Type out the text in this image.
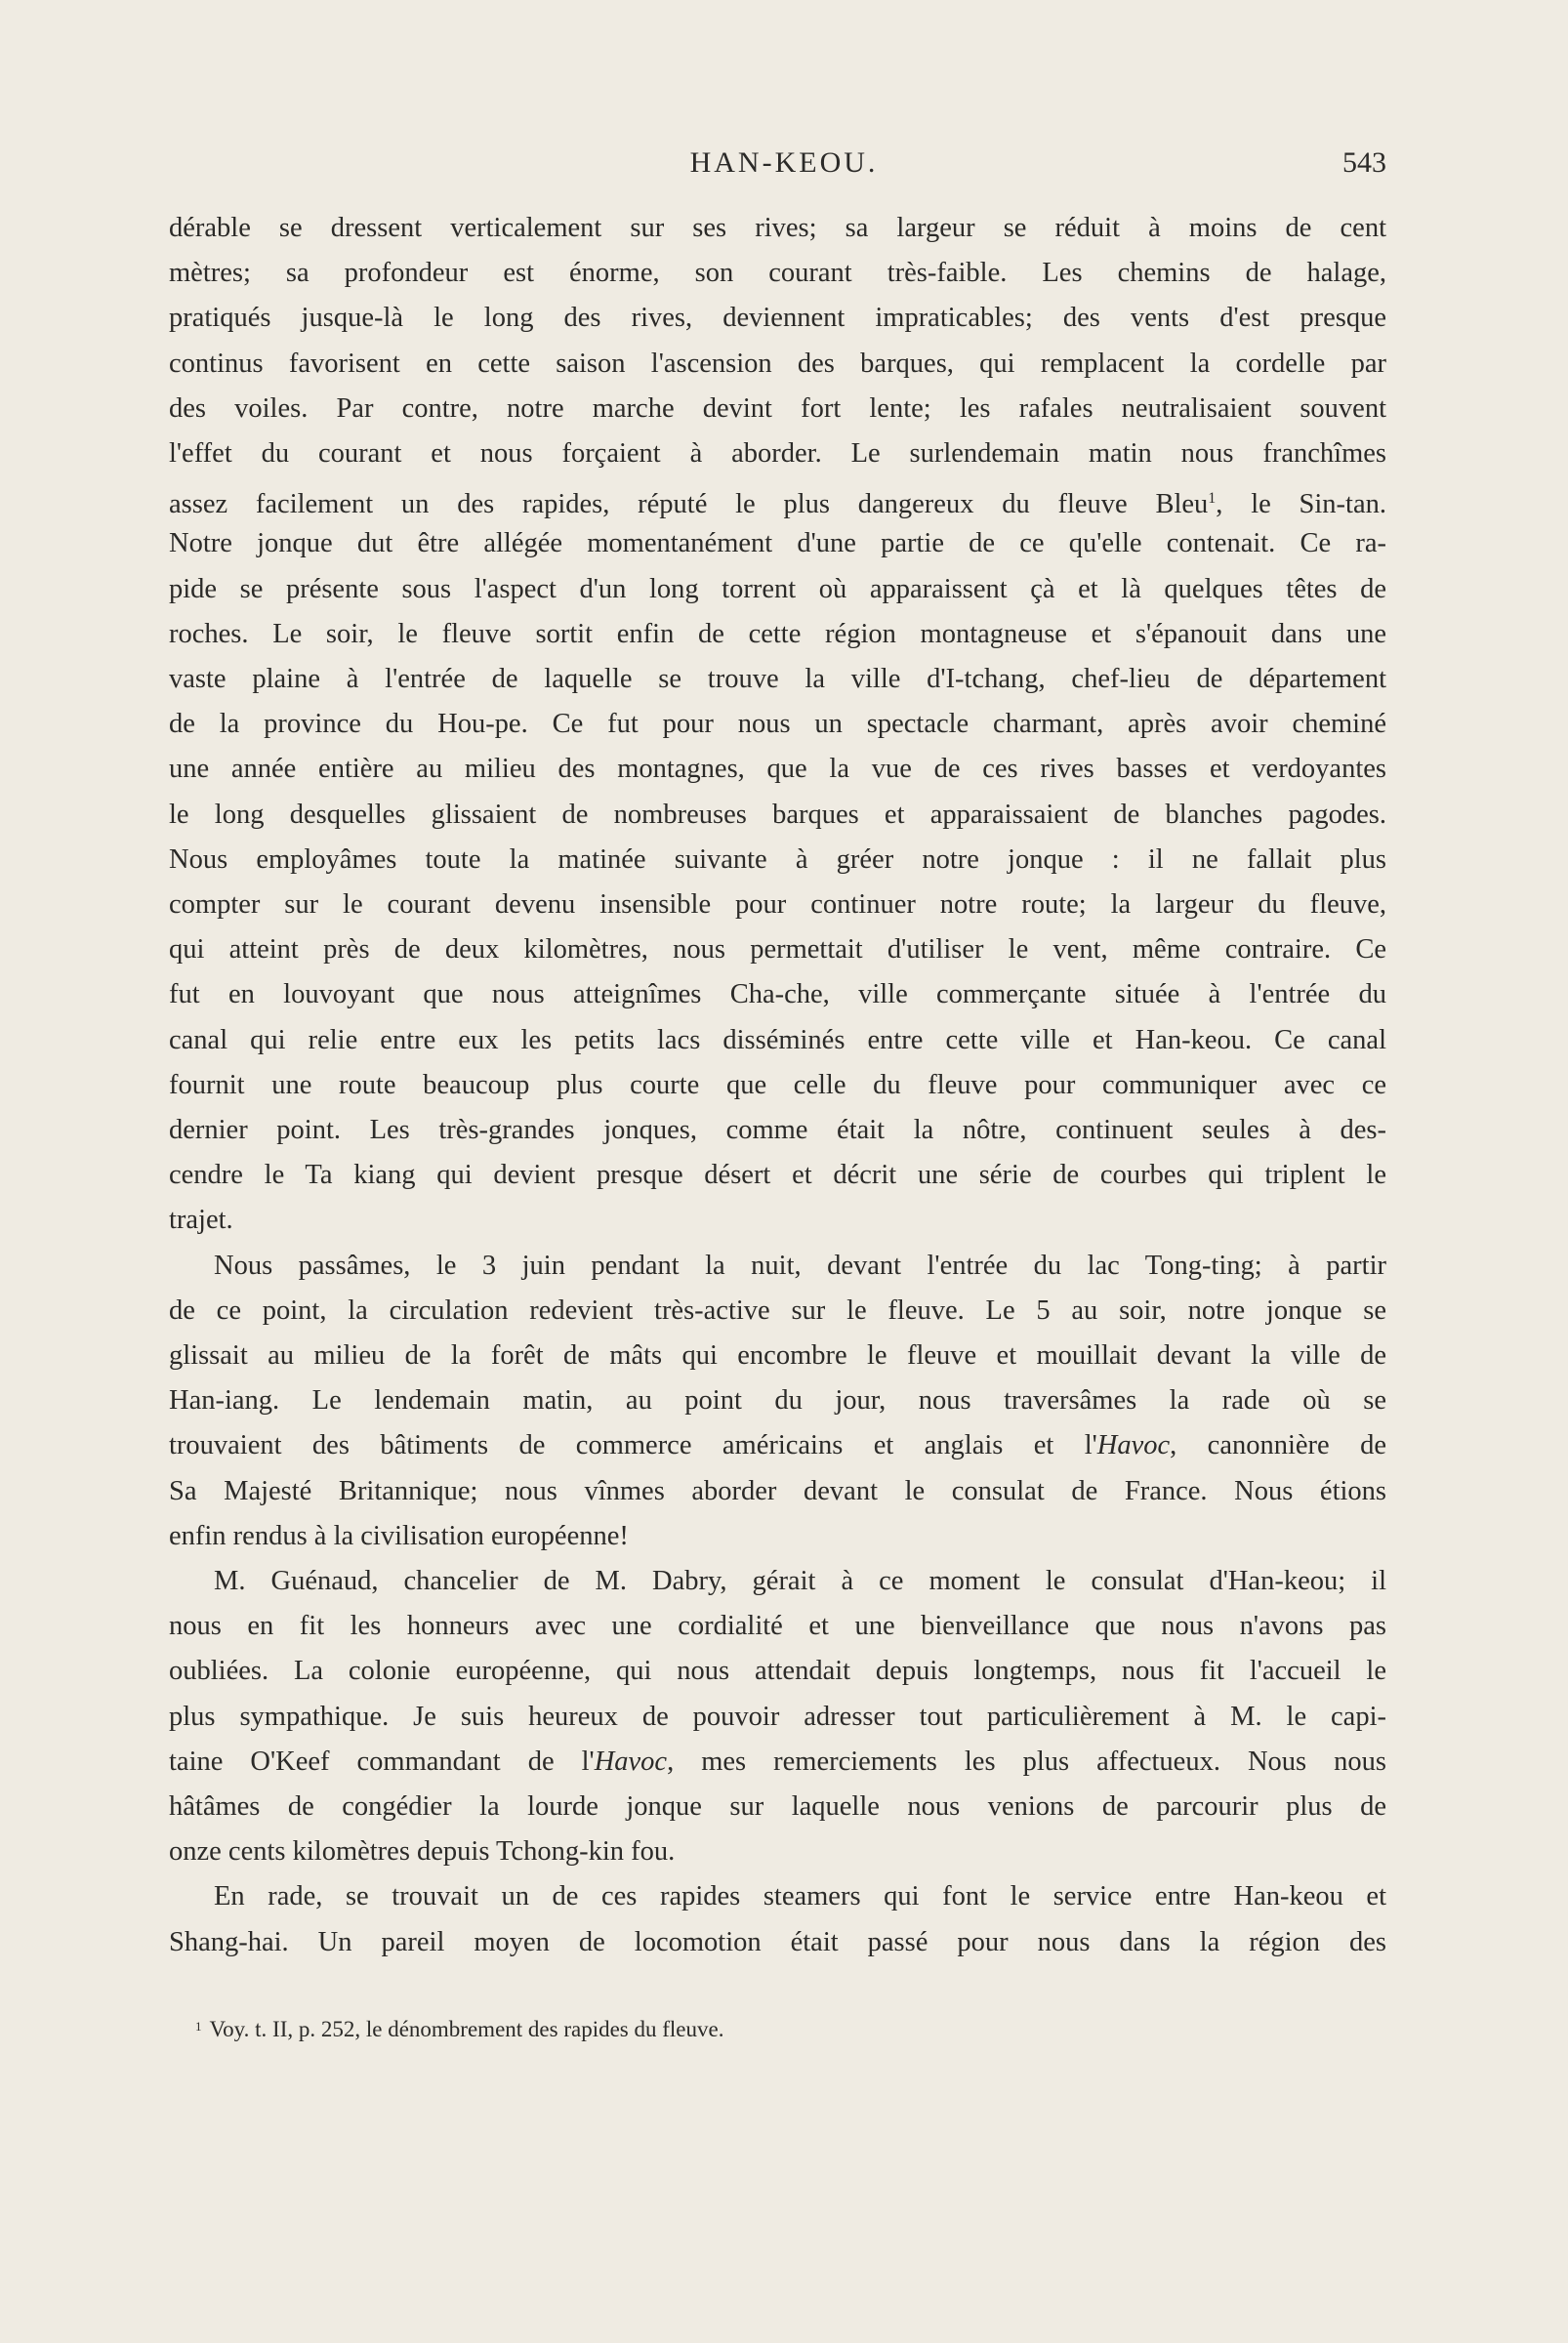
HAN-KEOU.	543
dérable se dressent verticalement sur ses rives; sa largeur se réduit à moins de cent
mètres; sa profondeur est énorme, son courant très-faible. Les chemins de halage,
pratiqués jusque-là le long des rives, deviennent impraticables; des vents d'est presque
continus favorisent en cette saison l'ascension des barques, qui remplacent la cordelle par
des voiles. Par contre, notre marche devint fort lente; les rafales neutralisaient souvent
l'effet du courant et nous forçaient à aborder. Le surlendemain matin nous franchîmes
assez facilement un des rapides, réputé le plus dangereux du fleuve Bleu$^1$, le Sin-tan.
Notre jonque dut être allégée momentanément d'une partie de ce qu'elle contenait. Ce ra-
pide se présente sous l'aspect d'un long torrent où apparaissent çà et là quelques têtes de
roches. Le soir, le fleuve sortit enfin de cette région montagneuse et s'épanouit dans une
vaste plaine à l'entrée de laquelle se trouve la ville d'I-tchang, chef-lieu de département
de la province du Hou-pe. Ce fut pour nous un spectacle charmant, après avoir cheminé
une année entière au milieu des montagnes, que la vue de ces rives basses et verdoyantes
le long desquelles glissaient de nombreuses barques et apparaissaient de blanches pagodes.
Nous employâmes toute la matinée suivante à gréer notre jonque : il ne fallait plus
compter sur le courant devenu insensible pour continuer notre route; la largeur du fleuve,
qui atteint près de deux kilomètres, nous permettait d'utiliser le vent, même contraire. Ce
fut en louvoyant que nous atteignîmes Cha-che, ville commerçante située à l'entrée du
canal qui relie entre eux les petits lacs disséminés entre cette ville et Han-keou. Ce canal
fournit une route beaucoup plus courte que celle du fleuve pour communiquer avec ce
dernier point. Les très-grandes jonques, comme était la nôtre, continuent seules à des-
cendre le Ta kiang qui devient presque désert et décrit une série de courbes qui triplent le
trajet.
Nous passâmes, le 3 juin pendant la nuit, devant l'entrée du lac Tong-ting; à partir
de ce point, la circulation redevient très-active sur le fleuve. Le 5 au soir, notre jonque se
glissait au milieu de la forêt de mâts qui encombre le fleuve et mouillait devant la ville de
Han-iang. Le lendemain matin, au point du jour, nous traversâmes la rade où se
trouvaient des bâtiments de commerce américains et anglais et l'Havoc, canonnière de
Sa Majesté Britannique; nous vînmes aborder devant le consulat de France. Nous étions
enfin rendus à la civilisation européenne!
M. Guénaud, chancelier de M. Dabry, gérait à ce moment le consulat d'Han-keou; il
nous en fit les honneurs avec une cordialité et une bienveillance que nous n'avons pas
oubliées. La colonie européenne, qui nous attendait depuis longtemps, nous fit l'accueil le
plus sympathique. Je suis heureux de pouvoir adresser tout particulièrement à M. le capi-
taine O'Keef commandant de l'Havoc, mes remerciements les plus affectueux. Nous nous
hâtâmes de congédier la lourde jonque sur laquelle nous venions de parcourir plus de
onze cents kilomètres depuis Tchong-kin fou.
En rade, se trouvait un de ces rapides steamers qui font le service entre Han-keou et
Shang-hai. Un pareil moyen de locomotion était passé pour nous dans la région des
$^1$ Voy. t. II, p. 252, le dénombrement des rapides du fleuve.
